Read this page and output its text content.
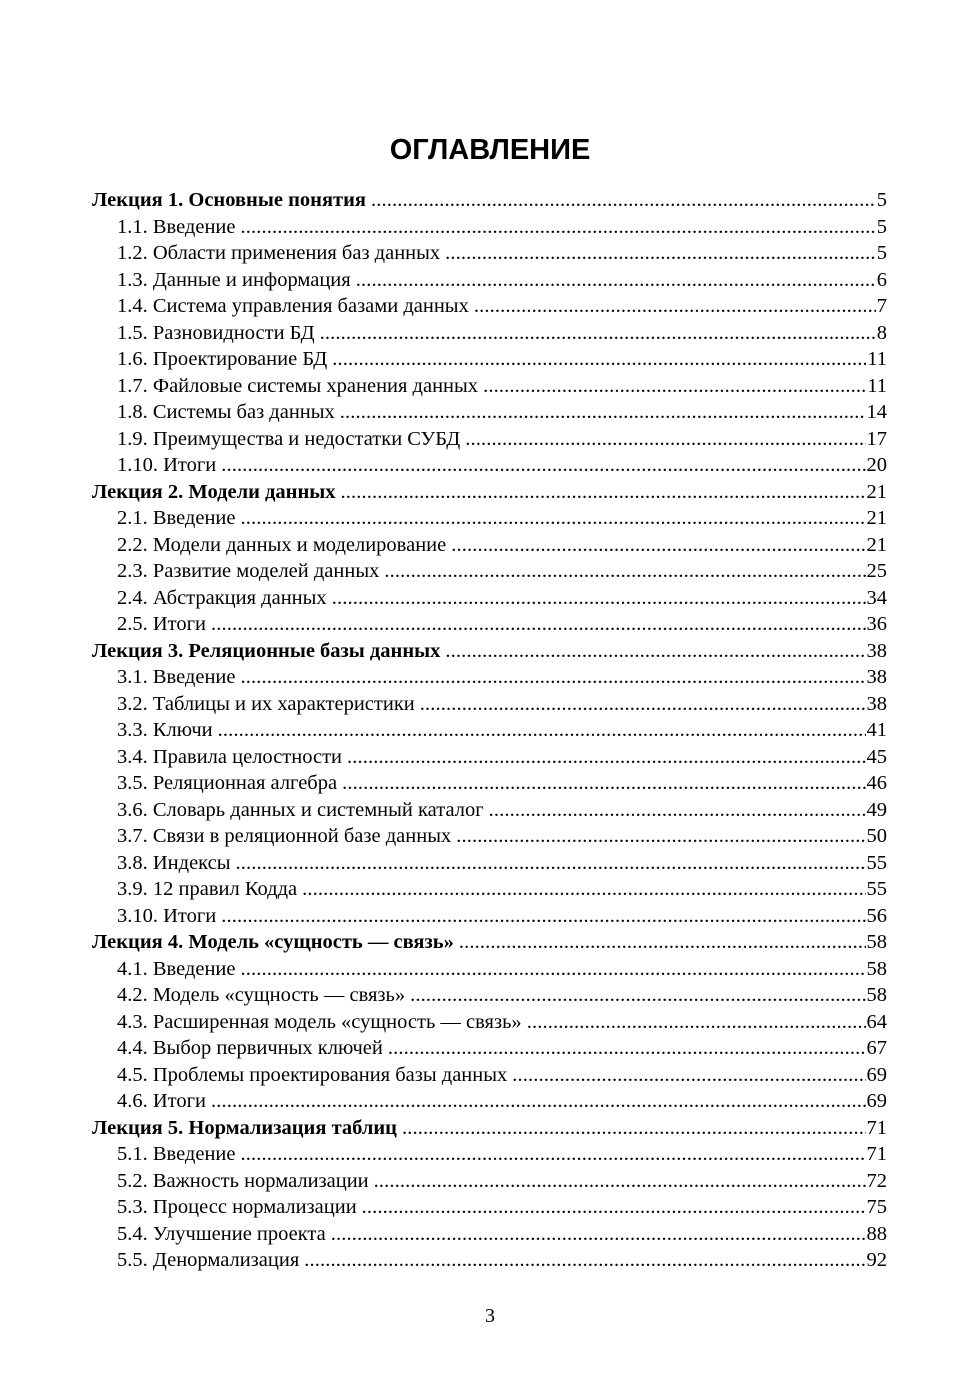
ОГЛАВЛЕНИЕ
Лекция 1. Основные понятия . . .	5
1.1. Введение . . .	5
1.2. Области применения баз данных . . .	5
1.3. Данные и информация . . .	6
1.4. Система управления базами данных . . .	7
1.5. Разновидности БД . . .	8
1.6. Проектирование БД . . .	11
1.7. Файловые системы хранения данных . . .	11
1.8. Системы баз данных . . .	14
1.9. Преимущества и недостатки СУБД . . .	17
1.10. Итоги . . .	20
Лекция 2. Модели данных . . .	21
2.1. Введение . . .	21
2.2. Модели данных и моделирование . . .	21
2.3. Развитие моделей данных . . .	25
2.4. Абстракция данных . . .	34
2.5. Итоги . . .	36
Лекция 3. Реляционные базы данных . . .	38
3.1. Введение . . .	38
3.2. Таблицы и их характеристики . . .	38
3.3. Ключи . . .	41
3.4. Правила целостности . . .	45
3.5. Реляционная алгебра . . .	46
3.6. Словарь данных и системный каталог . . .	49
3.7. Связи в реляционной базе данных . . .	50
3.8. Индексы . . .	55
3.9. 12 правил Кодда . . .	55
3.10. Итоги . . .	56
Лекция 4. Модель «сущность — связь» . . .	58
4.1. Введение . . .	58
4.2. Модель «сущность — связь» . . .	58
4.3. Расширенная модель «сущность — связь» . . .	64
4.4. Выбор первичных ключей . . .	67
4.5. Проблемы проектирования базы данных . . .	69
4.6. Итоги . . .	69
Лекция 5. Нормализация таблиц . . .	71
5.1. Введение . . .	71
5.2. Важность нормализации . . .	72
5.3. Процесс нормализации . . .	75
5.4. Улучшение проекта . . .	88
5.5. Денормализация . . .	92
3
